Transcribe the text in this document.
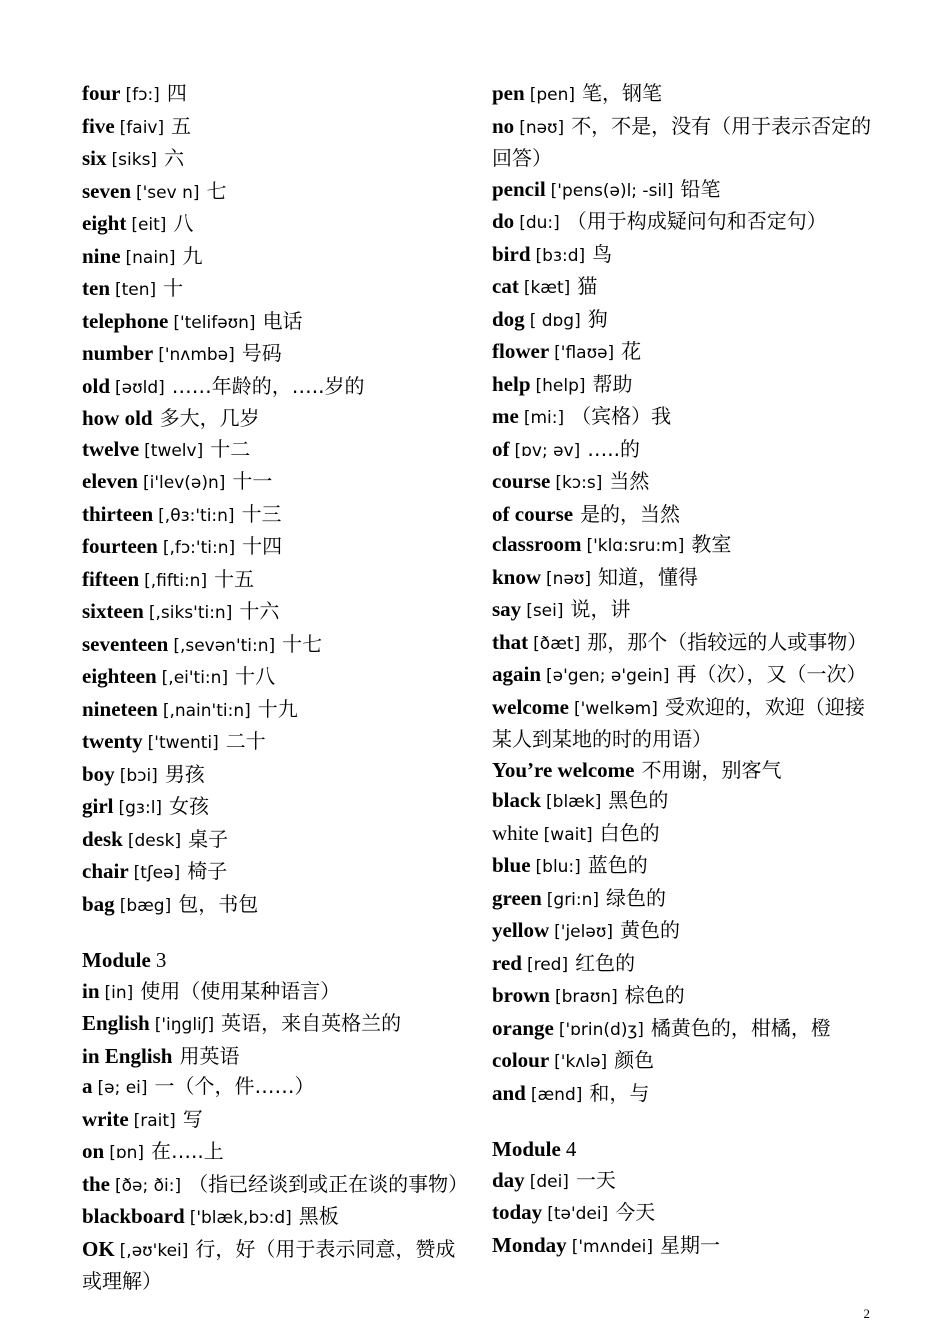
four [fɔ:] 四

five [faiv] 五

six [siks] 六

seven ['sev n] 七

eight [eit] 八

nine [nain] 九

ten [ten] 十

telephone ['telifəʊn] 电话

number ['nʌmbə] 号码

old [əʊld] ……年龄的，…..岁的

how old 多大，几岁

twelve [twelv] 十二

eleven [i'lev(ə)n] 十一

thirteen [,θɜ:'ti:n] 十三

fourteen [,fɔ:'ti:n] 十四

fifteen [,fifti:n] 十五

sixteen [,siks'ti:n] 十六

seventeen [,sevən'ti:n] 十七

eighteen [,ei'ti:n] 十八

nineteen [,nain'ti:n] 十九

twenty ['twenti] 二十

boy [bɔi] 男孩

girl [gɜ:l] 女孩

desk [desk] 桌子

chair [tʃeə] 椅子

bag [bæg] 包，书包

Module 3

in [in] 使用（使用某种语言）

English ['iŋgliʃ] 英语，来自英格兰的

in English 用英语

a [ə; ei] 一（个，件……）

write [rait] 写

on [ɒn] 在…..上

the [ðə; ði:] （指已经谈到或正在谈的事物）

blackboard ['blæk,bɔ:d] 黑板

OK [,əʊ'kei] 行，好（用于表示同意，赞成或理解）

pen [pen] 笔，钢笔

no [nəʊ] 不，不是，没有（用于表示否定的回答）

pencil ['pens(ə)l; -sil] 铅笔

do [du:] （用于构成疑问句和否定句）

bird [bɜ:d] 鸟

cat [kæt] 猫

dog [ dɒg] 狗

flower ['flaʊə] 花

help [help] 帮助

me [mi:] （宾格）我

of [ɒv; əv] …..的

course [kɔ:s] 当然

of course 是的，当然

classroom ['klɑ:sru:m] 教室

know [nəʊ] 知道，懂得

say [sei] 说，讲

that [ðæt] 那，那个（指较远的人或事物）

again [ə'gen; ə'gein] 再（次），又（一次）

welcome ['welkəm] 受欢迎的，欢迎（迎接某人到某地的时的用语）

You’re welcome 不用谢，别客气

black [blæk] 黑色的

white [wait] 白色的

blue [blu:] 蓝色的

green [gri:n] 绿色的

yellow ['jeləʊ] 黄色的

red [red] 红色的

brown [braʊn] 棕色的

orange ['ɒrin(d)ʒ] 橘黄色的，柑橘，橙

colour ['kʌlə] 颜色

and [ænd] 和，与

Module 4

day [dei] 一天

today [tə'dei] 今天

Monday ['mʌndei] 星期一

2
